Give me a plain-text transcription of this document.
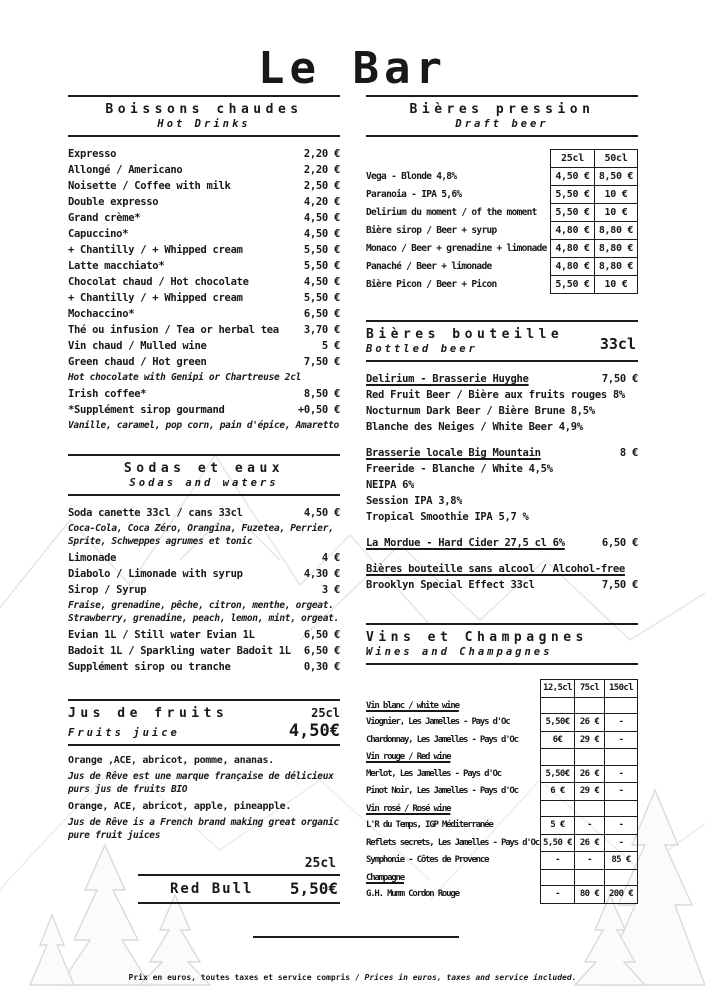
Le Bar
Boissons chaudes
Hot Drinks
Expresso	2,20 €
Allongé / Americano	2,20 €
Noisette / Coffee with milk	2,50 €
Double expresso	4,20 €
Grand crème*	4,50 €
Capuccino*	4,50 €
+ Chantilly / + Whipped cream	5,50 €
Latte macchiato*	5,50 €
Chocolat chaud / Hot chocolate	4,50 €
+ Chantilly / + Whipped cream	5,50 €
Mochaccino*	6,50 €
Thé ou infusion / Tea or herbal tea 3,70 €
Vin chaud / Mulled wine	5 €
Green chaud / Hot green	7,50 €
Hot chocolate with Genipi or Chartreuse 2cl
Irish coffee*	8,50 €
*Supplément sirop gourmand	+0,50 €
Vanille, caramel, pop corn, pain d'épice, Amaretto
Sodas et eaux
Sodas and waters
Soda canette 33cl / cans 33cl	4,50 €
Coca-Cola, Coca Zéro, Orangina, Fuzetea, Perrier, Sprite, Schweppes agrumes et tonic
Limonade	4 €
Diabolo / Limonade with syrup	4,30 €
Sirop / Syrup	3 €
Fraise, grenadine, pêche, citron, menthe, orgeat. Strawberry, grenadine, peach, lemon, mint, orgeat.
Evian 1L / Still water Evian 1L	6,50 €
Badoit 1L / Sparkling water Badoit 1L 6,50 €
Supplément sirop ou tranche	0,30 €
Jus de fruits	25cl
Fruits juice	4,50€
Orange ,ACE, abricot, pomme, ananas.
Jus de Rêve est une marque française de délicieux purs jus de fruits BIO
Orange, ACE, abricot, apple, pineapple.
Jus de Rêve is a French brand making great organic pure fruit juices
25cl
Red Bull 5,50€
Bières pression
Draft beer
25cl	50cl
Vega - Blonde 4,8%	4,50 € 8,50 €
Paranoia - IPA 5,6%	5,50 €	10 €
Delirium du moment / of the moment	5,50 €	10 €
Bière sirop / Beer + syrup	4,80 € 8,80 €
Monaco / Beer + grenadine + limonade 4,80 € 8,80 €
Panaché / Beer + limonade	4,80 € 8,80 €
Bière Picon / Beer + Picon	5,50 €	10 €
Bières bouteille
Bottled beer	33cl
Delirium - Brasserie Huyghe	7,50 €
Red Fruit Beer / Bière aux fruits rouges 8%
Nocturnum Dark Beer / Bière Brune 8,5%
Blanche des Neiges / White Beer 4,9%
Brasserie locale Big Mountain	8 €
Freeride - Blanche / White 4,5%
NEIPA 6%
Session IPA 3,8%
Tropical Smoothie IPA 5,7 %
La Mordue - Hard Cider 27,5 cl 6%	6,50 €
Bières bouteille sans alcool / Alcohol-free
Brooklyn Special Effect 33cl	7,50 €
Vins et Champagnes
Wines and Champagnes
12,5cl 75cl	150cl
Vin blanc / white wine
Viognier, Les Jamelles - Pays d'Oc	5,50€	26 €	-
Chardonnay, Les Jamelles - Pays d'Oc	6€	29 €	-
Vin rouge / Red wine
Merlot, Les Jamelles - Pays d'Oc	5,50€	26 €	-
Pinot Noir, Les Jamelles - Pays d'Oc	6 €	29 €	-
Vin rosé / Rosé wine
L'R du Temps, IGP Méditerranée	5 €	-	-
Reflets secrets, Les Jamelles - Pays d'Oc 5,50 € 26 €	-
Symphonie - Côtes de Provence	-	-	85 €
Champagne
G.H. Mumm Cordon Rouge	-	80 €	200 €
Prix en euros, toutes taxes et service compris / Prices in euros, taxes and service included.
